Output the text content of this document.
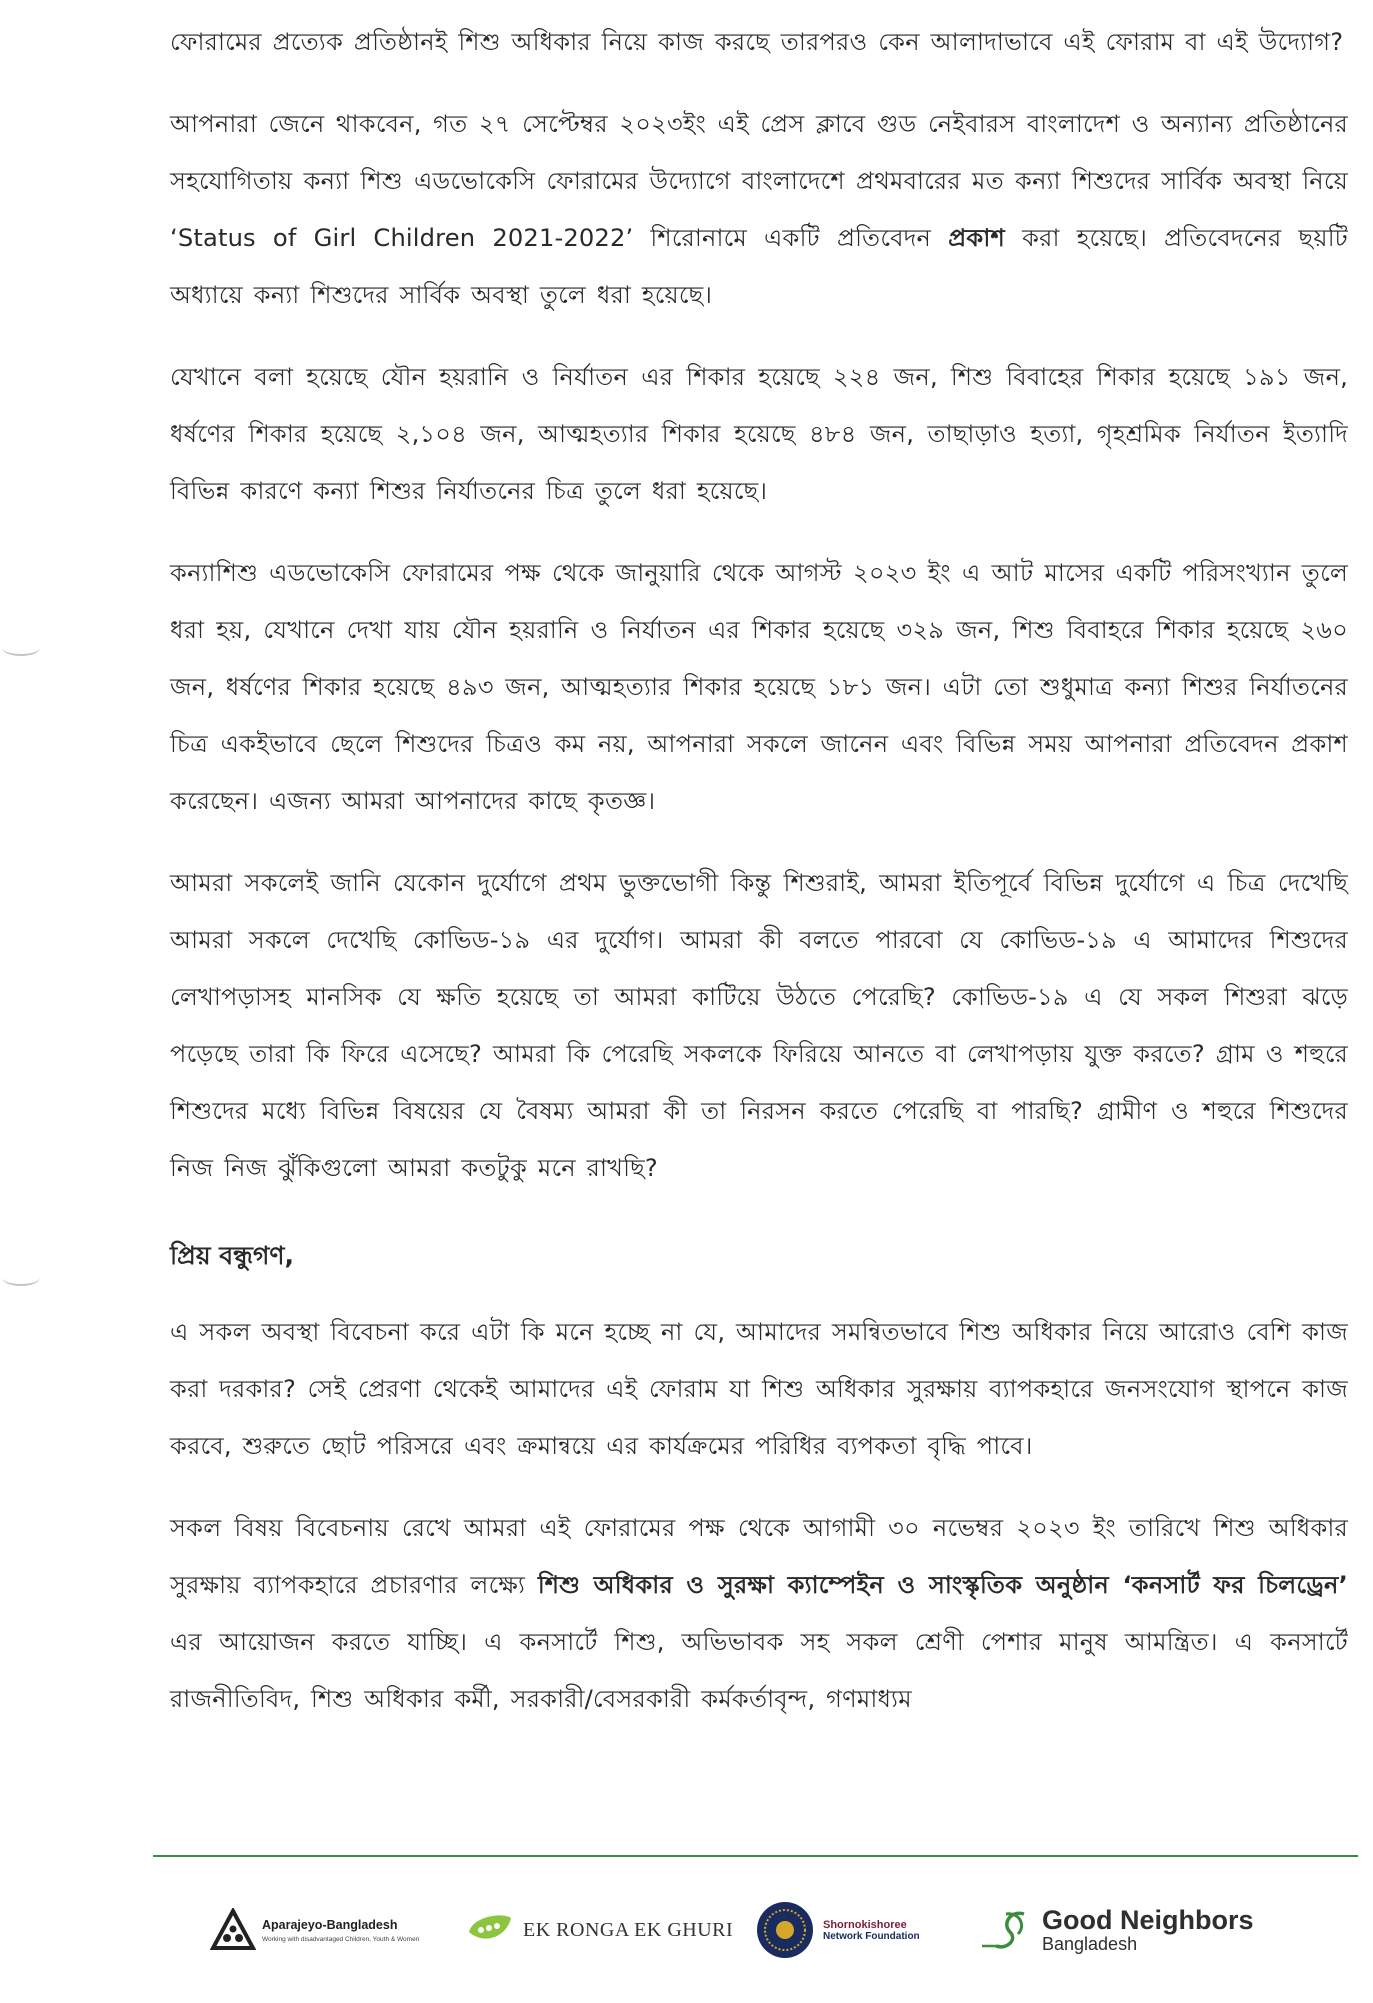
ফোরামের প্রত্যেক প্রতিষ্ঠানই শিশু অধিকার নিয়ে কাজ করছে তারপরও কেন আলাদাভাবে এই ফোরাম বা এই উদ্যোগ?

আপনারা জেনে থাকবেন, গত ২৭ সেপ্টেম্বর ২০২৩ইং এই প্রেস ক্লাবে গুড নেইবারস বাংলাদেশ ও অন্যান্য প্রতিষ্ঠানের সহযোগিতায় কন্যা শিশু এডভোকেসি ফোরামের উদ্যোগে বাংলাদেশে প্রথমবারের মত কন্যা শিশুদের সার্বিক অবস্থা নিয়ে ‘Status of Girl Children 2021-2022’ শিরোনামে একটি প্রতিবেদন প্রকাশ করা হয়েছে। প্রতিবেদনের ছয়টি অধ্যায়ে কন্যা শিশুদের সার্বিক অবস্থা তুলে ধরা হয়েছে।

যেখানে বলা হয়েছে যৌন হয়রানি ও নির্যাতন এর শিকার হয়েছে ২২৪ জন, শিশু বিবাহের শিকার হয়েছে ১৯১ জন, ধর্ষণের শিকার হয়েছে ২,১০৪ জন, আত্মহত্যার শিকার হয়েছে ৪৮৪ জন, তাছাড়াও হত্যা, গৃহশ্রমিক নির্যাতন ইত্যাদি বিভিন্ন কারণে কন্যা শিশুর নির্যাতনের চিত্র তুলে ধরা হয়েছে।

কন্যাশিশু এডভোকেসি ফোরামের পক্ষ থেকে জানুয়ারি থেকে আগস্ট ২০২৩ ইং এ আট মাসের একটি পরিসংখ্যান তুলে ধরা হয়, যেখানে দেখা যায় যৌন হয়রানি ও নির্যাতন এর শিকার হয়েছে ৩২৯ জন, শিশু বিবাহরে শিকার হয়েছে ২৬০ জন, ধর্ষণের শিকার হয়েছে ৪৯৩ জন, আত্মহত্যার শিকার হয়েছে ১৮১ জন। এটা তো শুধুমাত্র কন্যা শিশুর নির্যাতনের চিত্র একইভাবে ছেলে শিশুদের চিত্রও কম নয়, আপনারা সকলে জানেন এবং বিভিন্ন সময় আপনারা প্রতিবেদন প্রকাশ করেছেন। এজন্য আমরা আপনাদের কাছে কৃতজ্ঞ।

আমরা সকলেই জানি যেকোন দুর্যোগে প্রথম ভুক্তভোগী কিন্তু শিশুরাই, আমরা ইতিপূর্বে বিভিন্ন দুর্যোগে এ চিত্র দেখেছি আমরা সকলে দেখেছি কোভিড-১৯ এর দুর্যোগ। আমরা কী বলতে পারবো যে কোভিড-১৯ এ আমাদের শিশুদের লেখাপড়াসহ মানসিক যে ক্ষতি হয়েছে তা আমরা কাটিয়ে উঠতে পেরেছি? কোভিড-১৯ এ যে সকল শিশুরা ঝড়ে পড়েছে তারা কি ফিরে এসেছে? আমরা কি পেরেছি সকলকে ফিরিয়ে আনতে বা লেখাপড়ায় যুক্ত করতে? গ্রাম ও শহুরে শিশুদের মধ্যে বিভিন্ন বিষয়ের যে বৈষম্য আমরা কী তা নিরসন করতে পেরেছি বা পারছি? গ্রামীণ ও শহুরে শিশুদের নিজ নিজ ঝুঁকিগুলো আমরা কতটুকু মনে রাখছি?

প্রিয় বন্ধুগণ,

এ সকল অবস্থা বিবেচনা করে এটা কি মনে হচ্ছে না যে, আমাদের সমন্বিতভাবে শিশু অধিকার নিয়ে আরোও বেশি কাজ করা দরকার? সেই প্রেরণা থেকেই আমাদের এই ফোরাম যা শিশু অধিকার সুরক্ষায় ব্যাপকহারে জনসংযোগ স্থাপনে কাজ করবে, শুরুতে ছোট পরিসরে এবং ক্রমান্বয়ে এর কার্যক্রমের পরিধির ব্যপকতা বৃদ্ধি পাবে।

সকল বিষয় বিবেচনায় রেখে আমরা এই ফোরামের পক্ষ থেকে আগামী ৩০ নভেম্বর ২০২৩ ইং তারিখে শিশু অধিকার সুরক্ষায় ব্যাপকহারে প্রচারণার লক্ষ্যে শিশু অধিকার ও সুরক্ষা ক্যাম্পেইন ও সাংস্কৃতিক অনুষ্ঠান ‘কনসার্ট ফর চিলড্রেন’ এর আয়োজন করতে যাচ্ছি। এ কনসার্টে শিশু, অভিভাবক সহ সকল শ্রেণী পেশার মানুষ আমন্ত্রিত। এ কনসার্টে রাজনীতিবিদ, শিশু অধিকার কর্মী, সরকারী/বেসরকারী কর্মকর্তাবৃন্দ, গণমাধ্যম

Aparajeyo-Bangladesh
Working with disadvantaged Children, Youth & Women	EK RONGA EK GHURI	Shornokishoree
Network Foundation
Good Neighbors
Bangladesh
